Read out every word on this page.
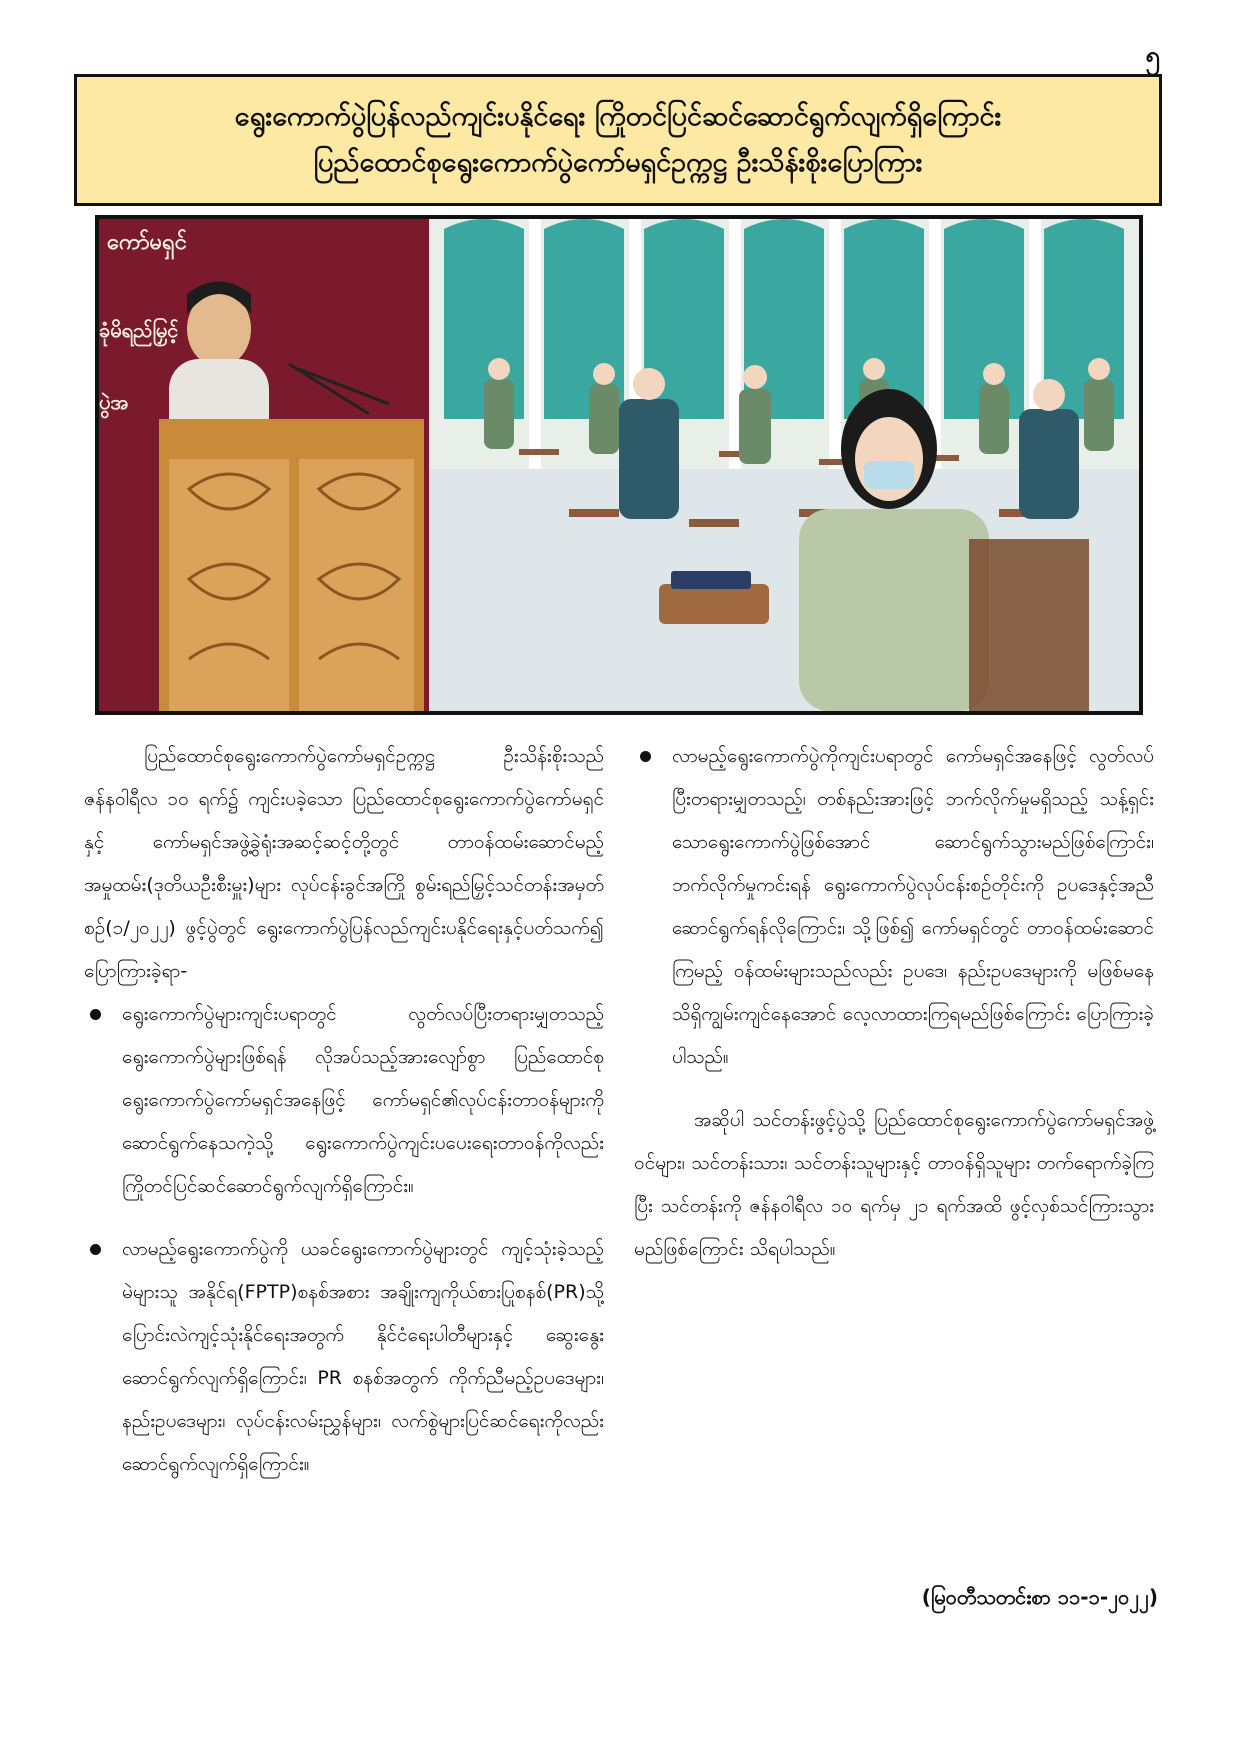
၅
ရွေးကောက်ပွဲပြန်လည်ကျင်းပနိုင်ရေး ကြိုတင်ပြင်ဆင်ဆောင်ရွက်လျက်ရှိကြောင်း
ပြည်ထောင်စုရွေးကောက်ပွဲကော်မရှင်ဥက္ကဋ္ဌ ဦးသိန်းစိုးပြောကြား
ကော်မရှင်
ခုံမိရည်မြှင့်
ပွဲအ

ပြည်ထောင်စုရွေးကောက်ပွဲကော်မရှင်ဥက္ကဋ္ဌ ဦးသိန်းစိုးသည် ဇန်နဝါရီလ ၁၀ ရက်၌ ကျင်းပခဲ့သော ပြည်ထောင်စုရွေးကောက်ပွဲကော်မရှင်နှင့် ကော်မရှင်အဖွဲ့ခွဲရုံးအဆင့်ဆင့်တို့တွင် တာဝန်ထမ်းဆောင်မည့် အမှုထမ်း(ဒုတိယဦးစီးမှူး)များ လုပ်ငန်းခွင်အကြို စွမ်းရည်မြှင့်သင်တန်းအမှတ်စဉ်(၁/၂၀၂၂) ဖွင့်ပွဲတွင် ရွေးကောက်ပွဲပြန်လည်ကျင်းပနိုင်ရေးနှင့်ပတ်သက်၍ ပြောကြားခဲ့ရာ-

ရွေးကောက်ပွဲများကျင်းပရာတွင် လွတ်လပ်ပြီးတရားမျှတသည့်ရွေးကောက်ပွဲများဖြစ်ရန် လိုအပ်သည့်အားလျော်စွာ ပြည်ထောင်စုရွေးကောက်ပွဲကော်မရှင်အနေဖြင့် ကော်မရှင်၏လုပ်ငန်းတာဝန်များကို ဆောင်ရွက်နေသကဲ့သို့ ရွေးကောက်ပွဲကျင်းပပေးရေးတာဝန်ကိုလည်း ကြိုတင်ပြင်ဆင်ဆောင်ရွက်လျက်ရှိကြောင်း။
လာမည့်ရွေးကောက်ပွဲကို ယခင်ရွေးကောက်ပွဲများတွင် ကျင့်သုံးခဲ့သည့် မဲများသူ အနိုင်ရ(FPTP)စနစ်အစား အချိုးကျကိုယ်စားပြုစနစ်(PR)သို့ ပြောင်းလဲကျင့်သုံးနိုင်ရေးအတွက် နိုင်ငံရေးပါတီများနှင့် ဆွေးနွေးဆောင်ရွက်လျက်ရှိကြောင်း၊ PR စနစ်အတွက် ကိုက်ညီမည့်ဥပဒေများ၊ နည်းဥပဒေများ၊ လုပ်ငန်းလမ်းညွှန်များ၊ လက်စွဲများပြင်ဆင်ရေးကိုလည်း ဆောင်ရွက်လျက်ရှိကြောင်း။
လာမည့်ရွေးကောက်ပွဲကိုကျင်းပရာတွင် ကော်မရှင်အနေဖြင့် လွတ်လပ်ပြီးတရားမျှတသည့်၊ တစ်နည်းအားဖြင့် ဘက်လိုက်မှုမရှိသည့် သန့်ရှင်းသောရွေးကောက်ပွဲဖြစ်အောင် ဆောင်ရွက်သွားမည်ဖြစ်ကြောင်း၊ ဘက်လိုက်မှုကင်းရန် ရွေးကောက်ပွဲလုပ်ငန်းစဉ်တိုင်းကို ဥပဒေနှင့်အညီ ဆောင်ရွက်ရန်လိုကြောင်း၊ သို့ဖြစ်၍ ကော်မရှင်တွင် တာဝန်ထမ်းဆောင်ကြမည့် ဝန်ထမ်းများသည်လည်း ဥပဒေ၊ နည်းဥပဒေများကို မဖြစ်မနေသိရှိကျွမ်းကျင်နေအောင် လေ့လာထားကြရမည်ဖြစ်ကြောင်း ပြောကြားခဲ့ပါသည်။

အဆိုပါ သင်တန်းဖွင့်ပွဲသို့ ပြည်ထောင်စုရွေးကောက်ပွဲကော်မရှင်အဖွဲ့ဝင်များ၊ သင်တန်းသား၊ သင်တန်းသူများနှင့် တာဝန်ရှိသူများ တက်ရောက်ခဲ့ကြပြီး သင်တန်းကို ဇန်နဝါရီလ ၁၀ ရက်မှ ၂၁ ရက်အထိ ဖွင့်လှစ်သင်ကြားသွားမည်ဖြစ်ကြောင်း သိရပါသည်။

(မြဝတီသတင်းစာ ၁၁-၁-၂၀၂၂)
